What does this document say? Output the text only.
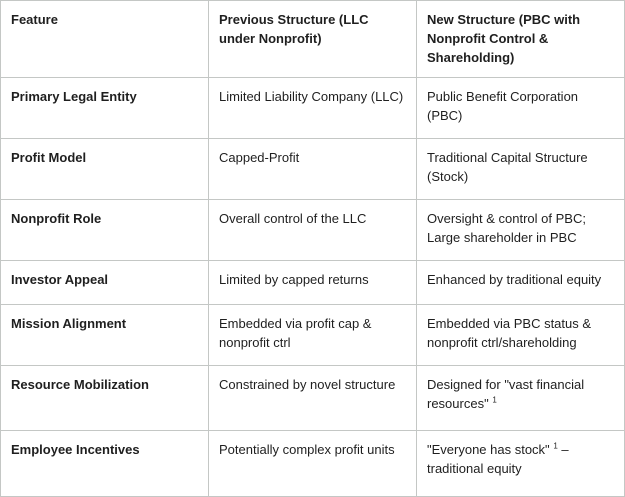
Feature	Previous Structure (LLC under Nonprofit)	New Structure (PBC with Nonprofit Control & Shareholding)
Primary Legal Entity	Limited Liability Company (LLC)	Public Benefit Corporation (PBC)
Profit Model	Capped-Profit	Traditional Capital Structure (Stock)
Nonprofit Role	Overall control of the LLC	Oversight & control of PBC; Large shareholder in PBC
Investor Appeal	Limited by capped returns	Enhanced by traditional equity
Mission Alignment	Embedded via profit cap & nonprofit ctrl	Embedded via PBC status & nonprofit ctrl/shareholding
Resource Mobilization	Constrained by novel structure	Designed for "vast financial resources" $^1$
Employee Incentives	Potentially complex profit units	"Everyone has stock" $^1$ – traditional equity
